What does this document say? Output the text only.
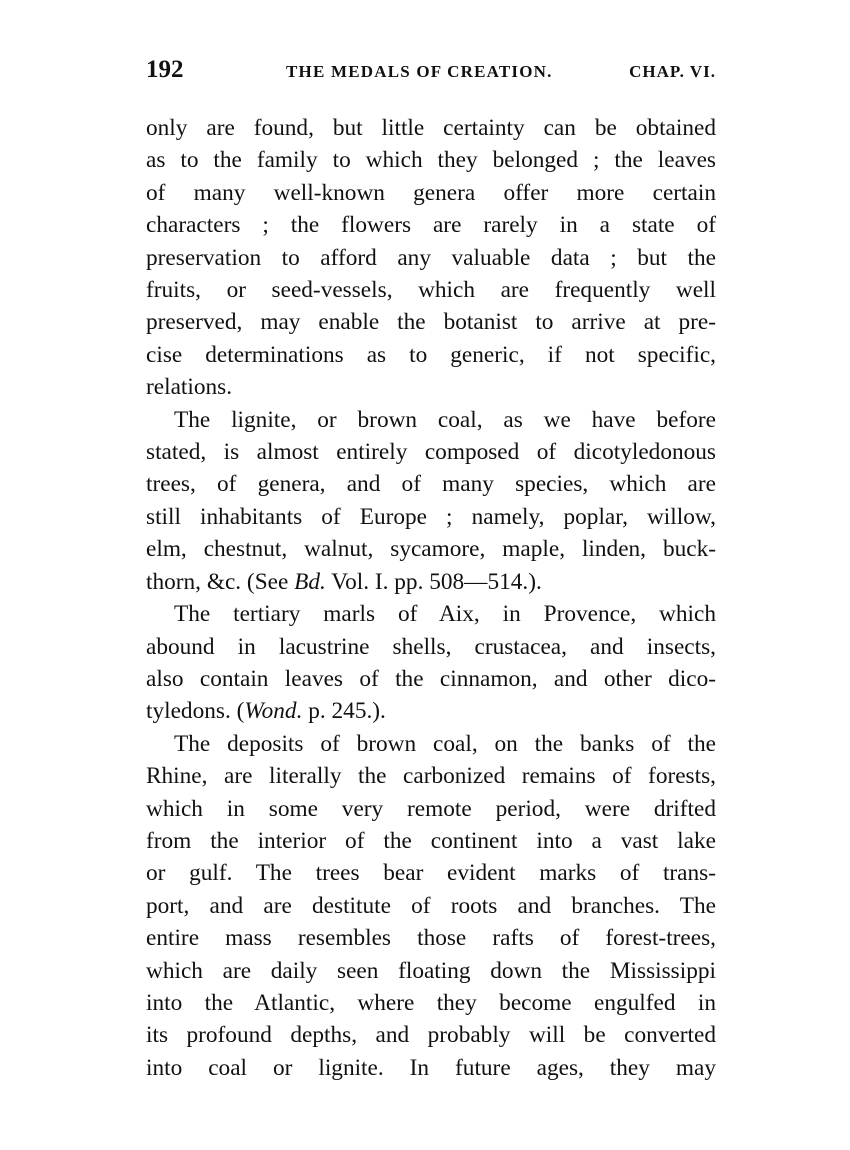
192	THE MEDALS OF CREATION.	CHAP. VI.

only are found, but little certainty can be obtained
as to the family to which they belonged ; the leaves
of many well-known genera offer more certain
characters ; the flowers are rarely in a state of
preservation to afford any valuable data ; but the
fruits, or seed-vessels, which are frequently well
preserved, may enable the botanist to arrive at pre-
cise determinations as to generic, if not specific,
relations.

The lignite, or brown coal, as we have before
stated, is almost entirely composed of dicotyledonous
trees, of genera, and of many species, which are
still inhabitants of Europe ; namely, poplar, willow,
elm, chestnut, walnut, sycamore, maple, linden, buck-
thorn, &c. (See Bd. Vol. I. pp. 508—514.).

The tertiary marls of Aix, in Provence, which
abound in lacustrine shells, crustacea, and insects,
also contain leaves of the cinnamon, and other dico-
tyledons. (Wond. p. 245.).

The deposits of brown coal, on the banks of the
Rhine, are literally the carbonized remains of forests,
which in some very remote period, were drifted
from the interior of the continent into a vast lake
or gulf. The trees bear evident marks of trans-
port, and are destitute of roots and branches. The
entire mass resembles those rafts of forest-trees,
which are daily seen floating down the Mississippi
into the Atlantic, where they become engulfed in
its profound depths, and probably will be converted
into coal or lignite. In future ages, they may
